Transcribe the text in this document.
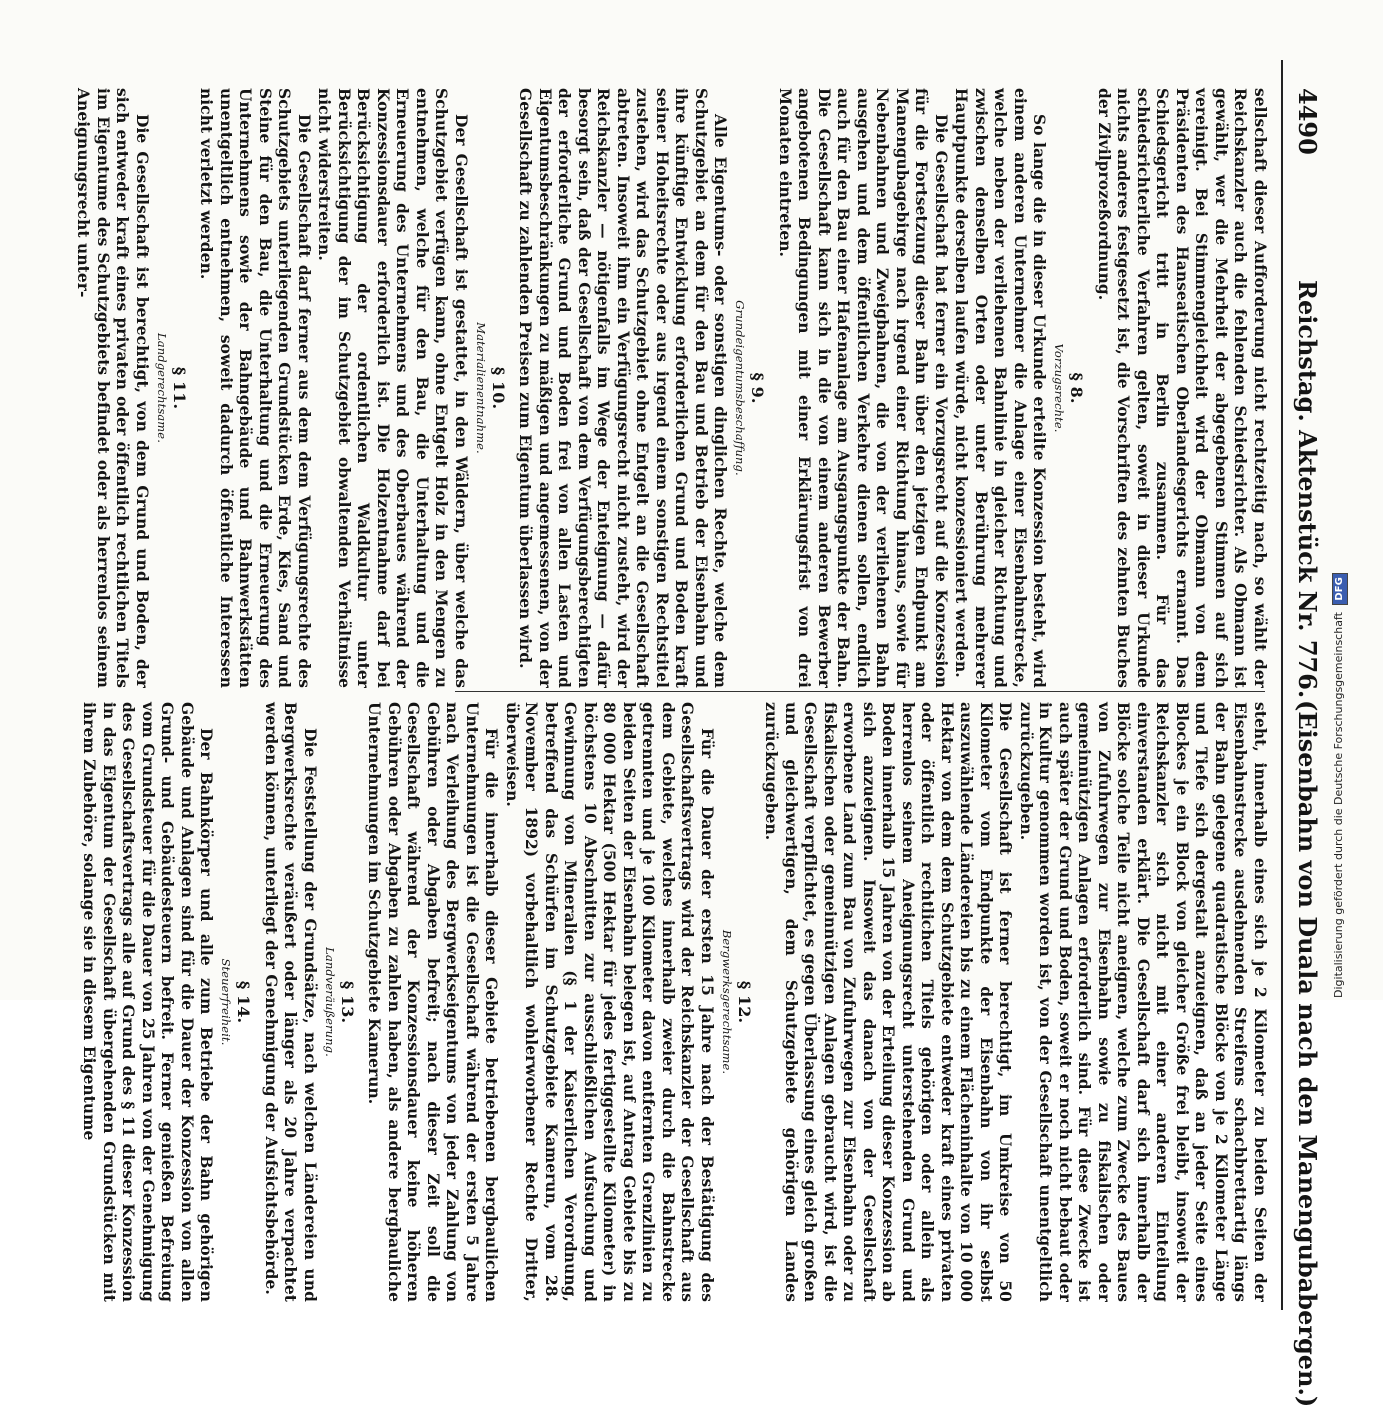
4490
Reichstag. Aktenstück Nr. 776.
(Eisenbahn von Duala nach den Manengubabergen.)

sellschaft dieser Aufforderung nicht rechtzeitig nach, so wählt der Reichskanzler auch die fehlenden Schiedsrichter. Als Obmann ist gewählt, wer die Mehrheit der abgegebenen Stimmen auf sich vereinigt. Bei Stimmengleichheit wird der Obmann von dem Präsidenten des Hanseatischen Oberlandesgerichts ernannt. Das Schiedsgericht tritt in Berlin zusammen. Für das schiedsrichterliche Verfahren gelten, soweit in dieser Urkunde nichts anderes festgesetzt ist, die Vorschriften des zehnten Buches der Zivilprozeßordnung.

§ 8.
Vorzugsrechte.

So lange die in dieser Urkunde erteilte Konzession besteht, wird einem anderen Unternehmer die Anlage einer Eisenbahnstrecke, welche neben der verliehenen Bahnlinie in gleicher Richtung und zwischen denselben Orten oder unter Berührung mehrerer Hauptpunkte derselben laufen würde, nicht konzessioniert werden.

Die Gesellschaft hat ferner ein Vorzugsrecht auf die Konzession für die Fortsetzung dieser Bahn über den jetzigen Endpunkt am Manengubagebirge nach irgend einer Richtung hinaus, sowie für Nebenbahnen und Zweigbahnen, die von der verliehenen Bahn ausgehen und dem öffentlichen Verkehre dienen sollen, endlich auch für den Bau einer Hafenanlage am Ausgangspunkte der Bahn. Die Gesellschaft kann sich in die von einem anderen Bewerber angebotenen Bedingungen mit einer Erklärungsfrist von drei Monaten eintreten.

§ 9.
Grundeigentumsbeschaffung.

Alle Eigentums- oder sonstigen dinglichen Rechte, welche dem Schutzgebiet an dem für den Bau und Betrieb der Eisenbahn und ihre künftige Entwicklung erforderlichen Grund und Boden kraft seiner Hoheitsrechte oder aus irgend einem sonstigen Rechtstitel zustehen, wird das Schutzgebiet ohne Entgelt an die Gesellschaft abtreten. Insoweit ihm ein Verfügungsrecht nicht zusteht, wird der Reichskanzler — nötigenfalls im Wege der Enteignung — dafür besorgt sein, daß der Gesellschaft von dem Verfügungsberechtigten der erforderliche Grund und Boden frei von allen Lasten und Eigentumsbeschränkungen zu mäßigen und angemessenen, von der Gesellschaft zu zahlenden Preisen zum Eigentum überlassen wird.

§ 10.
Materialienentnahme.

Der Gesellschaft ist gestattet, in den Wäldern, über welche das Schutzgebiet verfügen kann, ohne Entgelt Holz in den Mengen zu entnehmen, welche für den Bau, die Unterhaltung und die Erneuerung des Unternehmens und des Oberbaues während der Konzessionsdauer erforderlich ist. Die Holzentnahme darf bei Berücksichtigung der ordentlichen Waldkultur unter Berücksichtigung der im Schutzgebiet obwaltenden Verhältnisse nicht widerstreiten.

Die Gesellschaft darf ferner aus dem dem Verfügungsrechte des Schutzgebiets unterliegenden Grundstücken Erde, Kies, Sand und Steine für den Bau, die Unterhaltung und die Erneuerung des Unternehmens sowie der Bahngebäude und Bahnwerkstätten unentgeltlich entnehmen, soweit dadurch öffentliche Interessen nicht verletzt werden.

§ 11.
Landgerechtsame.

Die Gesellschaft ist berechtigt, von dem Grund und Boden, der sich entweder kraft eines privaten oder öffentlich rechtlichen Titels im Eigentume des Schutzgebiets befindet oder als herrenlos seinem Aneignungsrecht unter-

steht, innerhalb eines sich je 2 Kilometer zu beiden Seiten der Eisenbahnstrecke ausdehnenden Streifens schachbrettartig längs der Bahn gelegene quadratische Blöcke von je 2 Kilometer Länge und Tiefe sich dergestalt anzueignen, daß an jeder Seite eines Blockes je ein Block von gleicher Größe frei bleibt, insoweit der Reichskanzler sich nicht mit einer anderen Einteilung einverstanden erklärt. Die Gesellschaft darf sich innerhalb der Blöcke solche Teile nicht aneignen, welche zum Zwecke des Baues von Zufuhrwegen zur Eisenbahn sowie zu fiskalischen oder gemeinnützigen Anlagen erforderlich sind. Für diese Zwecke ist auch später der Grund und Boden, soweit er noch nicht bebaut oder in Kultur genommen worden ist, von der Gesellschaft unentgeltlich zurückzugeben.

Die Gesellschaft ist ferner berechtigt, im Umkreise von 50 Kilometer vom Endpunkte der Eisenbahn von ihr selbst auszuwählende Ländereien bis zu einem Flächeninhalte von 10 000 Hektar von dem dem Schutzgebiete entweder kraft eines privaten oder öffentlich rechtlichen Titels gehörigen oder allein als herrenlos seinem Aneignungsrecht unterstehenden Grund und Boden innerhalb 15 Jahren von der Erteilung dieser Konzession ab sich anzueignen. Insoweit das danach von der Gesellschaft erworbene Land zum Bau von Zufuhrwegen zur Eisenbahn oder zu fiskalischen oder gemeinnützigen Anlagen gebraucht wird, ist die Gesellschaft verpflichtet, es gegen Überlassung eines gleich großen und gleichwertigen, dem Schutzgebiete gehörigen Landes zurückzugeben.

§ 12.
Bergwerksgerechtsame.

Für die Dauer der ersten 15 Jahre nach der Bestätigung des Gesellschaftsvertrags wird der Reichskanzler der Gesellschaft aus dem Gebiete, welches innerhalb zweier durch die Bahnstrecke getrennten und je 100 Kilometer davon entfernten Grenzlinien zu beiden Seiten der Eisenbahn belegen ist, auf Antrag Gebiete bis zu 80 000 Hektar (500 Hektar für jedes fertiggestellte Kilometer) in höchstens 10 Abschnitten zur ausschließlichen Aufsuchung und Gewinnung von Mineralien (§ 1 der Kaiserlichen Verordnung, betreffend das Schürfen im Schutzgebiete Kamerun, vom 28. November 1892) vorbehaltlich wohlerworbener Rechte Dritter, überweisen.

Für die innerhalb dieser Gebiete betriebenen bergbaulichen Unternehmungen ist die Gesellschaft während der ersten 5 Jahre nach Verleihung des Bergwerkseigentums von jeder Zahlung von Gebühren oder Abgaben befreit; nach dieser Zeit soll die Gesellschaft während der Konzessionsdauer keine höheren Gebühren oder Abgaben zu zahlen haben, als andere bergbauliche Unternehmungen im Schutzgebiete Kamerun.

§ 13.
Landveräußerung.

Die Feststellung der Grundsätze, nach welchen Ländereien und Bergwerksrechte veräußert oder länger als 20 Jahre verpachtet werden können, unterliegt der Genehmigung der Aufsichtsbehörde.

§ 14.
Steuerfreiheit.

Der Bahnkörper und alle zum Betriebe der Bahn gehörigen Gebäude und Anlagen sind für die Dauer der Konzession von allen Grund- und Gebäudesteuern befreit. Ferner genießen Befreiung vom Grundsteuer für die Dauer von 25 Jahren von der Genehmigung des Gesellschaftsvertrags alle auf Grund des § 11 dieser Konzession in das Eigentum der Gesellschaft übergehenden Grundstücken mit ihrem Zubehöre, solange sie in diesem Eigentume	Digitalisierung gefördert durch die Deutsche Forschungsgemeinschaft DFG
